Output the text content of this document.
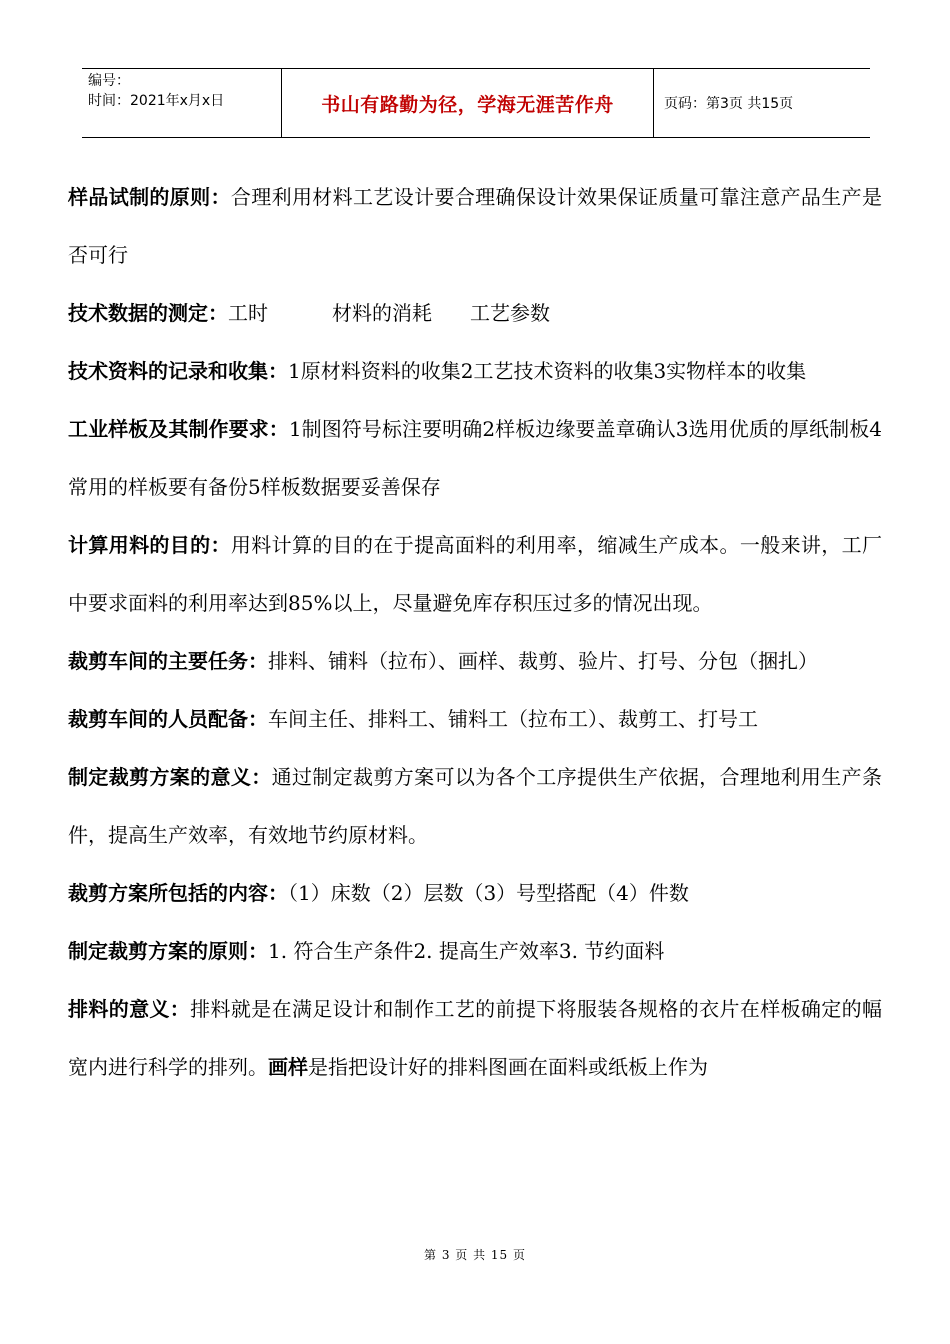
编号：
时间：2021年x月x日	书山有路勤为径，学海无涯苦作舟	页码：第3页 共15页

样品试制的原则：合理利用材料工艺设计要合理确保设计效果保证质量可靠注意产品生产是否可行

技术数据的测定：工时	材料的消耗 工艺参数

技术资料的记录和收集：1原材料资料的收集2工艺技术资料的收集3实物样本的收集

工业样板及其制作要求：1制图符号标注要明确2样板边缘要盖章确认3选用优质的厚纸制板4常用的样板要有备份5样板数据要妥善保存

计算用料的目的：用料计算的目的在于提高面料的利用率，缩减生产成本。一般来讲，工厂中要求面料的利用率达到85%以上，尽量避免库存积压过多的情况出现。

裁剪车间的主要任务：排料、铺料（拉布）、画样、裁剪、验片、打号、分包（捆扎）

裁剪车间的人员配备：车间主任、排料工、铺料工（拉布工）、裁剪工、打号工

制定裁剪方案的意义：通过制定裁剪方案可以为各个工序提供生产依据，合理地利用生产条件，提高生产效率，有效地节约原材料。

裁剪方案所包括的内容：（1）床数（2）层数（3）号型搭配（4）件数

制定裁剪方案的原则：1. 符合生产条件2. 提高生产效率3. 节约面料

排料的意义：排料就是在满足设计和制作工艺的前提下将服装各规格的衣片在样板确定的幅宽内进行科学的排列。画样是指把设计好的排料图画在面料或纸板上作为

第 3 页 共 15 页
